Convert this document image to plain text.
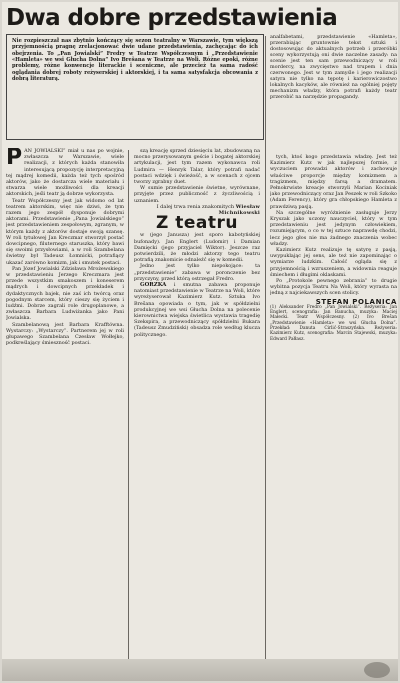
Dwa dobre przedstawienia
Nie rozpieszczał nas zbytnio kończący się sezon teatralny w Warszawie, tym większą przyjemnością pragnę zrelacjonować dwie udane przedstawienia, zachęcając do ich obejrzenia. To „Pan Jowialski” Fredry w Teatrze Współczesnym i „Przedstawienie «Hamleta» we wsi Głucha Dolna” Ivo Brešana w Teatrze na Woli. Różne epoki, różne problemy, różne konwencje literackie i sceniczne, ale przecież ta sama radość oglądania dobrej roboty reżyserskiej i aktorskiej, i ta sama satysfakcja obcowania z dobrą literaturą.
analfabetami, przedstawienie «Hamleta», przerabiając gruntownie tekst sztuki i dostosowując do aktualnych potrzeb i przeróbki sceny wykorzystują oni dwie naczelne zasady: na scenie jest ten sam przewodniczący w roli mordercy, na zwycięstwo nad trupem i dnia czerwonego. Jest w tym zamyśle i jego realizacji satyra nie tylko na tępotę i karierowiczostwo lokalnych kacyków, ale również na ogólniej pojęty mechanizm władzy, która potrafi każdy teatr przerobić na narzędzie propagandy.
P AN JOWIALSKI” miał u nas po wojnie, zwłaszcza w Warszawie, wiele realizacji, z których każda stanowiła interesującą propozycję interpretacyjną tej mądrej komedii, każda też tych spośród aktorów, jako że dostarcza wiele materiału i stwarza wiele możliwości dla kreacji aktorskich, jeśli teatr ją dobrze wykorzysta.

Teatr Współczesny jest jak widomo od lat teatrem aktorskim, więc nie dziwi, że tym razem jego zespół dysponuje dobrymi aktorami. Przedstawienie „Pana Jowialskiego” jest przedstawieniem zespołowym, zgranym, w którym każdy z aktorów dostaje swoją szansę. W roli tytułowej Jan Kreczmar stworzył postać dowcipnego, filuternego staruszka, który bawi się swoimi przysłowiami, a w roli Szambelana świetny był Tadeusz Łomnicki, potrafiący ukazać zarówno komizm, jak i smutek postaci.

Pan Józef Jowialski Zdzisława Mrożewskiego w przedstawieniu Jerzego Kreczmara jest przede wszystkim smakoszem i koneserem mądrych i dowcipnych przekładek i dydaktycznych bajek, nie zaś ich twórcą oraz pogodnym starcem, który cieszy się życiem i ludźmi. Dobrze zagrali role drugoplanowe, a zwłaszcza Barbara Ludwiżanka jako Pani Jowialska.

Szambelanową jest Barbara Krafftówna. Wystarczy: „Wystarczy”. Partnerem jej w roli głupawego Szambelana Czesław Wołłejko, podkreślający śmieszność postaci.

szą kreację sprzed dziesięciu lat, zbudowaną na mocno przerysowanym geście i bogatej aktorskiej artykulacji, jest tym razem wykonawca roli Ludmira — Henryk Talar, który potrafi nadać postaci wdzięk i świeżość, a w scenach z ojcem tworzy zgrabny duet.

W sumie przedstawienie świetne, wyrównane, przyjęte przez publiczność z życzliwością i uznaniem.

I dalej trwa renia znakomitych Wiesław Michnikowski

Z teatru

w (jego Janusza) jest sporo kabotyńskiej bufonady). Jan Englert (Ludomir) i Damian Damięcki (jego przyjaciel Wiktor). Jeszcze raz potwierdzili, że młodzi aktorzy tego teatru potrafią znakomicie odnaleźć się w komedii.

Jedno jest tylko niepokojące: ta „przedstawienie” zabawa w poronczenie bez przyczyny, przed którą ostrzegał Fredro.

GORZKA i smutna zabawa proponuje natomiast przedstawienie w Teatrze na Woli, które wyreżyserował Kazimierz Kutz. Sztuka Ivo Brešana opowiada o tym, jak w spółdzielni produkcyjnej we wsi Głucha Dolna na polecenie kierownictwa wiejska świetlica wystawia tragedię Szekspira, a przewodniczący spółdzielni Bukara (Tadeusz Zmudziński) obsadza role według klucza politycznego.

tych, ktoś kogo przedstawia władzę. Jest też Kazimierz Kutz w jak najlepszej formie, z wyczuciem prowadzi aktorów i zachowuje właściwe proporcje między komizmem a tragizmem, między farsą a dramatem. Pełnokrwiste kreacje stworzyli Marian Kociniak jako przewodniczący oraz Jan Peszek w roli Szkoko (Adam Ferency), który gra chłopskiego Hamleta z prawdziwą pasją.

Na szczególne wyróżnienie zasługuje Jerzy Kryszak jako uczony nauczyciel, który w tym przedstawieniu jest jedynym człowiekiem, rozumiejącym, o co w tej sztuce naprawdę chodzi, lecz jego głos nie ma żadnego znaczenia wobec władzy.

Kazimierz Kutz realizuje tę satyrę z pasją, uwypuklając jej sens, ale też nie zapominając o wymiarze ludzkim. Całość ogląda się z przyjemnością i wzruszeniem, a widownia reaguje śmiechem i długimi oklaskami.

Po „Protokole pewnego zebrania” to drugie wybitna pozycja Teatru Na Woli, który wyrasta na jedną z najciekawszych scen stolicy.

STEFAN POLANICA

(1) Aleksander Fredro „Pan Jowialski”. Reżyseria: Jan Englert, scenografia: Jan Banucha, muzyka: Maciej Małecki. Teatr Współczesny. (2) Ivo Brešan „Przedstawienie «Hamleta» we wsi Głucha Dolna”. Przekład: Danuta Cirlić-Straszyńska. Reżyseria: Kazimierz Kutz, scenografia: Marcin Stajewski, muzyka: Edward Pałłasz.
